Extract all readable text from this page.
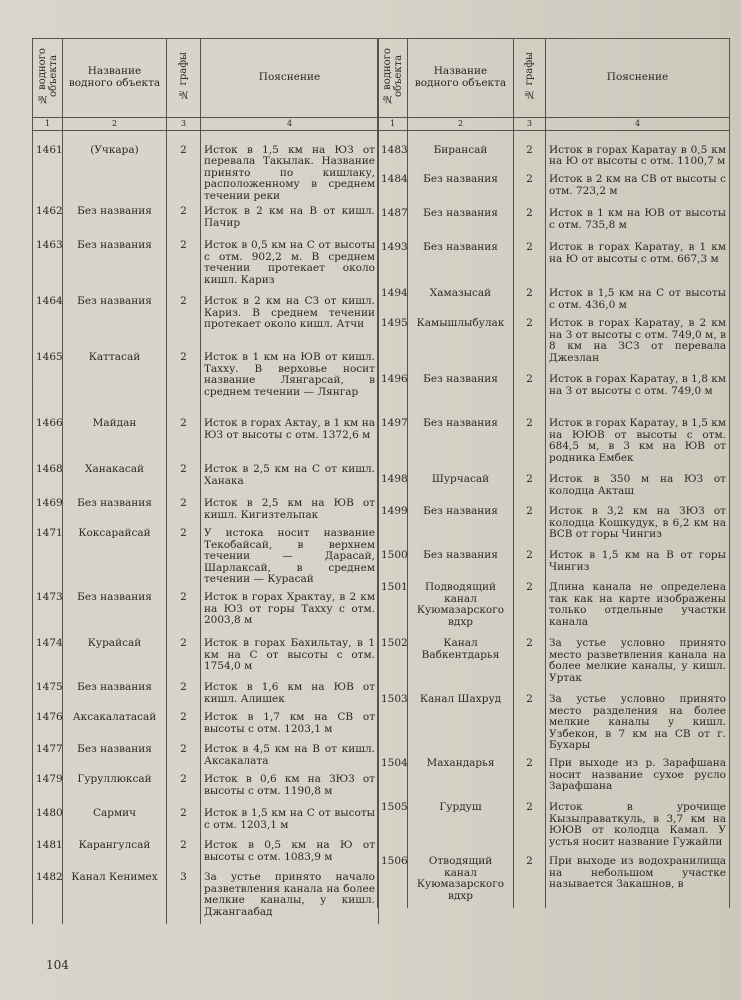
№ водного объекта	Название водного объекта	№ графы	Пояснение
1	2	3	4
1461	(Учкара)	2	Исток в 1,5 км на ЮЗ от перевала Такылак. Название принято по кишлаку, расположенному в среднем течении реки
1462	Без названия	2	Исток в 2 км на В от кишл. Пачир
1463	Без названия	2	Исток в 0,5 км на С от высоты с отм. 902,2 м. В среднем течении протекает около кишл. Кариз
1464	Без названия	2	Исток в 2 км на СЗ от кишл. Кариз. В среднем течении протекает около кишл. Атчи
1465	Каттасай	2	Исток в 1 км на ЮВ от кишл. Тахху. В верховье носит название Лянгарсай, в среднем течении — Лянгар
1466	Майдан	2	Исток в горах Актау, в 1 км на ЮЗ от высоты с отм. 1372,6 м
1468	Ханакасай	2	Исток в 2,5 км на С от кишл. Ханака
1469	Без названия	2	Исток в 2,5 км на ЮВ от кишл. Кигизтельпак
1471	Коксарайсай	2	У истока носит название Текобайсай, в верхнем течении — Дарасай, Шарлаксай, в среднем течении — Курасай
1473	Без названия	2	Исток в горах Храктау, в 2 км на ЮЗ от горы Тахху с отм. 2003,8 м
1474	Курайсай	2	Исток в горах Бахильтау, в 1 км на С от высоты с отм. 1754,0 м
1475	Без названия	2	Исток в 1,6 км на ЮВ от кишл. Алишек
1476	Аксакалатасай	2	Исток в 1,7 км на СВ от высоты с отм. 1203,1 м
1477	Без названия	2	Исток в 4,5 км на В от кишл. Аксакалата
1479	Гуруллюксай	2	Исток в 0,6 км на ЗЮЗ от высоты с отм. 1190,8 м
1480	Сармич	2	Исток в 1,5 км на С от высоты с отм. 1203,1 м
1481	Карангулсай	2	Исток в 0,5 км на Ю от высоты с отм. 1083,9 м
1482	Канал Кенимех	3	За устье принято начало разветвления канала на более мелкие каналы, у кишл. Джангаабад
№ водного объекта	Название водного объекта	№ графы	Пояснение
1	2	3	4
1483	Бирансай	2	Исток в горах Каратау в 0,5 км на Ю от высоты с отм. 1100,7 м
1484	Без названия	2	Исток в 2 км на СВ от высоты с отм. 723,2 м
1487	Без названия	2	Исток в 1 км на ЮВ от высоты с отм. 735,8 м
1493	Без названия	2	Исток в горах Каратау, в 1 км на Ю от высоты с отм. 667,3 м
1494	Хамазысай	2	Исток в 1,5 км на С от высоты с отм. 436,0 м
1495	Камышлыбулак	2	Исток в горах Каратау, в 2 км на З от высоты с отм. 749,0 м, в 8 км на ЗСЗ от перевала Джезлан
1496	Без названия	2	Исток в горах Каратау, в 1,8 км на З от высоты с отм. 749,0 м
1497	Без названия	2	Исток в горах Каратау, в 1,5 км на ЮЮВ от высоты с отм. 684,5 м, в 3 км на ЮВ от родника Ембек
1498	Шурчасай	2	Исток в 350 м на ЮЗ от колодца Акташ
1499	Без названия	2	Исток в 3,2 км на ЗЮЗ от колодца Кошкудук, в 6,2 км на ВСВ от горы Чингиз
1500	Без названия	2	Исток в 1,5 км на В от горы Чингиз
1501	Подводящий канал Куюмазарского вдхр	2	Длина канала не определена так как на карте изображены только отдельные участки канала
1502	Канал Вабкентдарья	2	За устье условно принято место разветвления канала на более мелкие каналы, у кишл. Уртак
1503	Канал Шахруд	2	За устье условно принято место разделения на более мелкие каналы у кишл. Узбекон, в 7 км на СВ от г. Бухары
1504	Махандарья	2	При выходе из р. Зарафшана носит название сухое русло Зарафшана
1505	Гурдуш	2	Исток в урочище Кызылраваткуль, в 3,7 км на ЮЮВ от колодца Камал. У устья носит название Гужайли
1506	Отводящий канал Куюмазарского вдхр	2	При выходе из водохранилища на небольшом участке называется Закашнов, в
104
